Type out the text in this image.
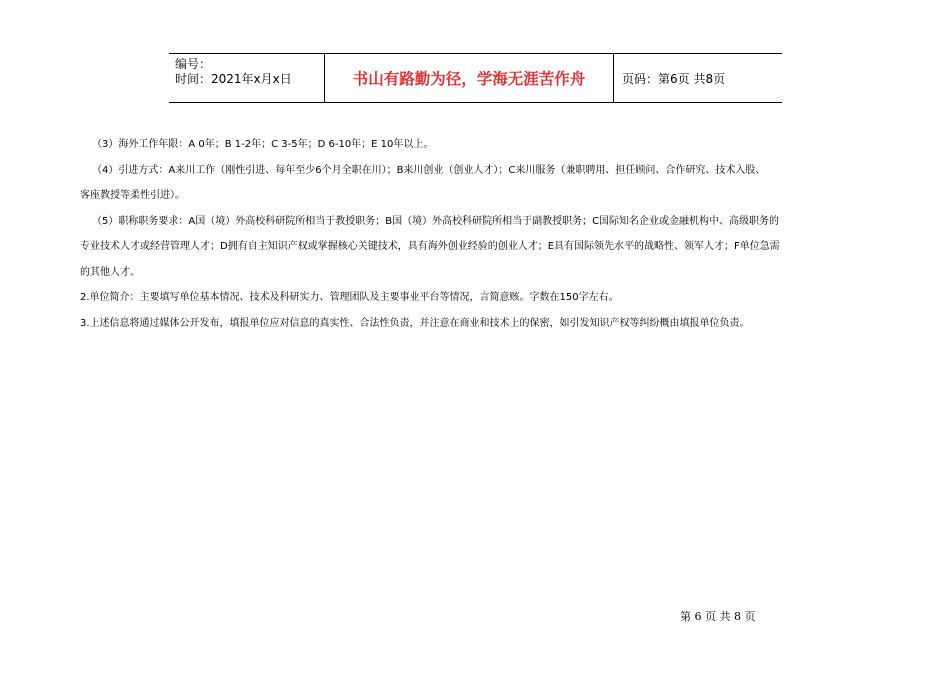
编号：
时间：2021年x月x日	书山有路勤为径，学海无涯苦作舟	页码：第6页 共8页

（3）海外工作年限：A 0年；B 1-2年；C 3-5年；D 6-10年；E 10年以上。

（4）引进方式：A来川工作（刚性引进、每年至少6个月全职在川）；B来川创业（创业人才）；C来川服务（兼职聘用、担任顾问、合作研究、技术入股、

客座教授等柔性引进）。

（5）职称职务要求：A国（境）外高校科研院所相当于教授职务；B国（境）外高校科研院所相当于副教授职务；C国际知名企业或金融机构中、高级职务的

专业技术人才或经营管理人才；D拥有自主知识产权或掌握核心关键技术，具有海外创业经验的创业人才；E具有国际领先水平的战略性、领军人才；F单位急需

的其他人才。

2.单位简介：主要填写单位基本情况、技术及科研实力、管理团队及主要事业平台等情况，言简意赅。字数在150字左右。

3.上述信息将通过媒体公开发布，填报单位应对信息的真实性、合法性负责，并注意在商业和技术上的保密，如引发知识产权等纠纷概由填报单位负责。

第 6 页 共 8 页
